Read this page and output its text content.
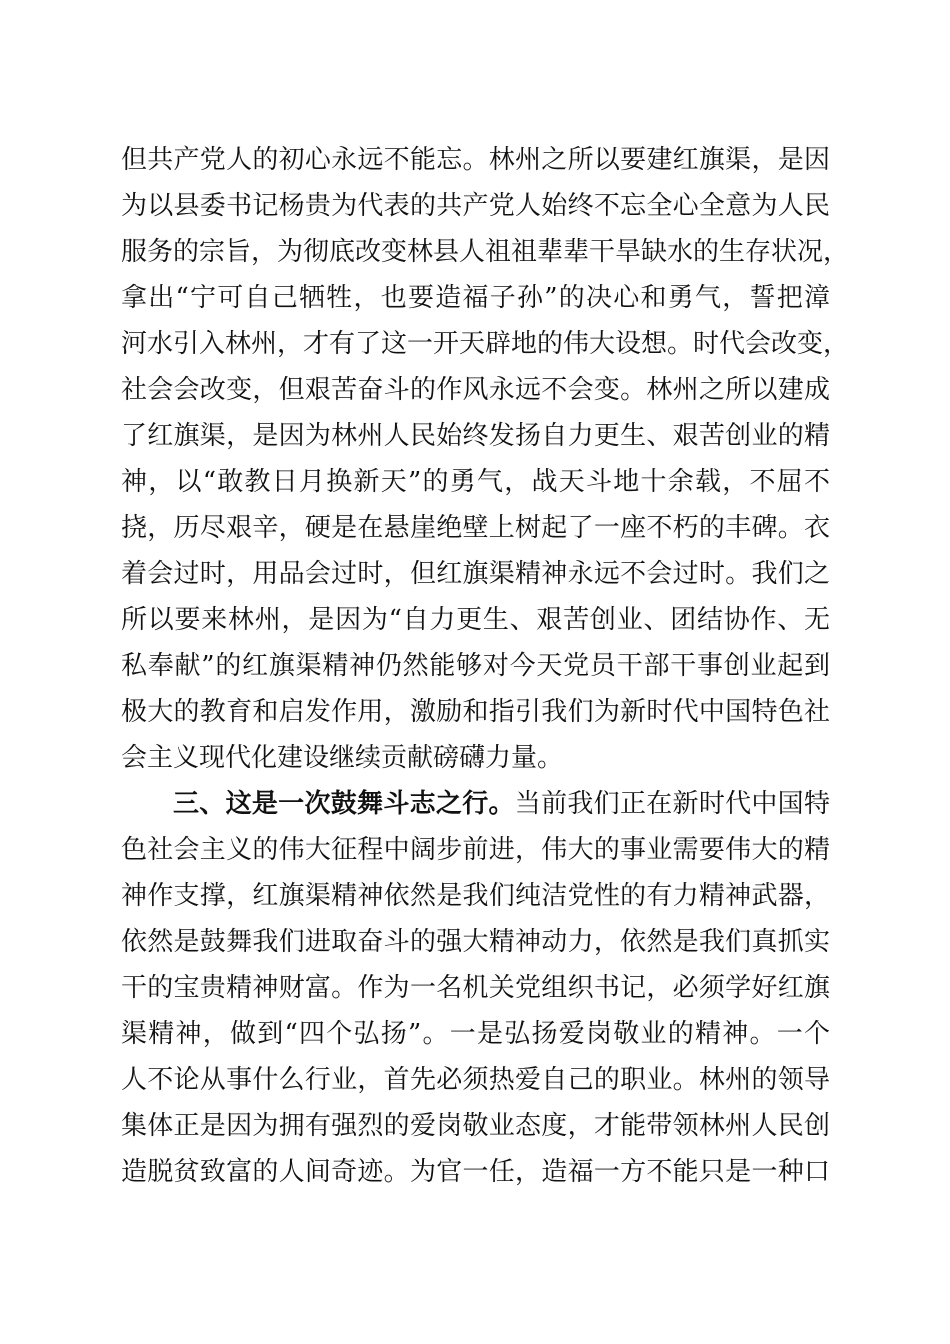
但共产党人的初心永远不能忘。林州之所以要建红旗渠，是因
为以县委书记杨贵为代表的共产党人始终不忘全心全意为人民
服务的宗旨，为彻底改变林县人祖祖辈辈干旱缺水的生存状况，
拿出“宁可自己牺牲，也要造福子孙”的决心和勇气，誓把漳
河水引入林州，才有了这一开天辟地的伟大设想。时代会改变，
社会会改变，但艰苦奋斗的作风永远不会变。林州之所以建成
了红旗渠，是因为林州人民始终发扬自力更生、艰苦创业的精
神，以“敢教日月换新天”的勇气，战天斗地十余载，不屈不
挠，历尽艰辛，硬是在悬崖绝壁上树起了一座不朽的丰碑。衣
着会过时，用品会过时，但红旗渠精神永远不会过时。我们之
所以要来林州，是因为“自力更生、艰苦创业、团结协作、无
私奉献”的红旗渠精神仍然能够对今天党员干部干事创业起到
极大的教育和启发作用，激励和指引我们为新时代中国特色社
会主义现代化建设继续贡献磅礴力量。
三、这是一次鼓舞斗志之行。当前我们正在新时代中国特
色社会主义的伟大征程中阔步前进，伟大的事业需要伟大的精
神作支撑，红旗渠精神依然是我们纯洁党性的有力精神武器，
依然是鼓舞我们进取奋斗的强大精神动力，依然是我们真抓实
干的宝贵精神财富。作为一名机关党组织书记，必须学好红旗
渠精神，做到“四个弘扬”。一是弘扬爱岗敬业的精神。一个
人不论从事什么行业，首先必须热爱自己的职业。林州的领导
集体正是因为拥有强烈的爱岗敬业态度，才能带领林州人民创
造脱贫致富的人间奇迹。为官一任，造福一方不能只是一种口
